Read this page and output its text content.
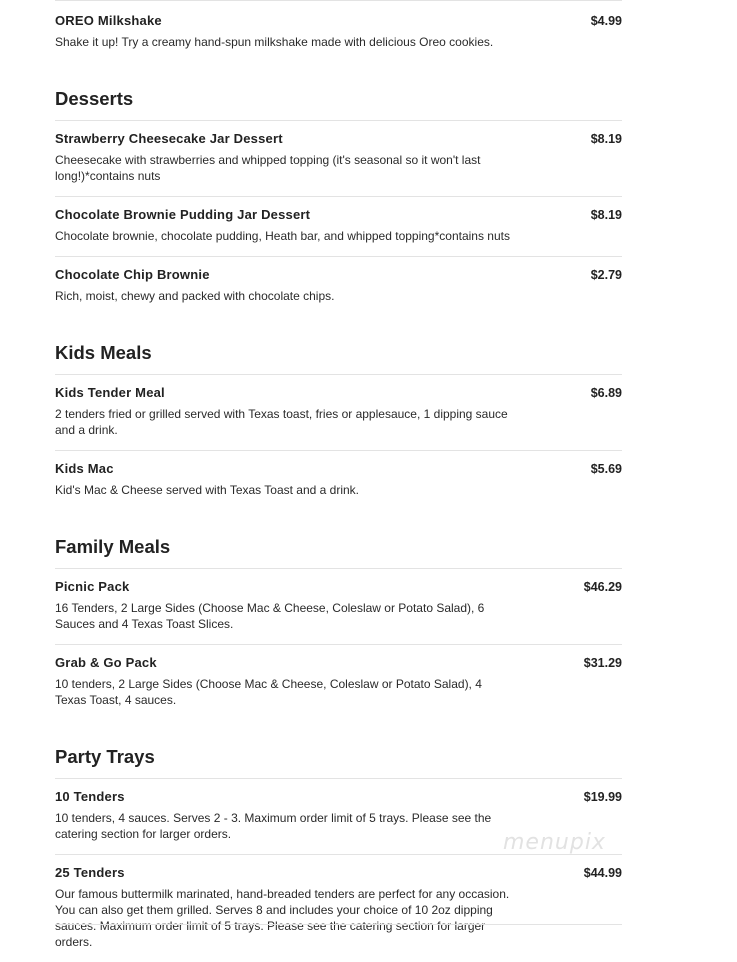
OREO Milkshake	$4.99
Shake it up! Try a creamy hand-spun milkshake made with delicious Oreo cookies.
Desserts
Strawberry Cheesecake Jar Dessert	$8.19
Cheesecake with strawberries and whipped topping (it's seasonal so it won't last long!)*contains nuts
Chocolate Brownie Pudding Jar Dessert	$8.19
Chocolate brownie, chocolate pudding, Heath bar, and whipped topping*contains nuts
Chocolate Chip Brownie	$2.79
Rich, moist, chewy and packed with chocolate chips.
Kids Meals
Kids Tender Meal	$6.89
2 tenders fried or grilled served with Texas toast, fries or applesauce, 1 dipping sauce and a drink.
Kids Mac	$5.69
Kid's Mac & Cheese served with Texas Toast and a drink.
Family Meals
Picnic Pack	$46.29
16 Tenders, 2 Large Sides (Choose Mac & Cheese, Coleslaw or Potato Salad), 6 Sauces and 4 Texas Toast Slices.
Grab & Go Pack	$31.29
10 tenders, 2 Large Sides (Choose Mac & Cheese, Coleslaw or Potato Salad), 4 Texas Toast, 4 sauces.
Party Trays
10 Tenders	$19.99
10 tenders, 4 sauces. Serves 2 - 3. Maximum order limit of 5 trays. Please see the catering section for larger orders.
25 Tenders	$44.99
Our famous buttermilk marinated, hand-breaded tenders are perfect for any occasion. You can also get them grilled. Serves 8 and includes your choice of 10 2oz dipping sauces. Maximum order limit of 5 trays. Please see the catering section for larger orders.
menupix
